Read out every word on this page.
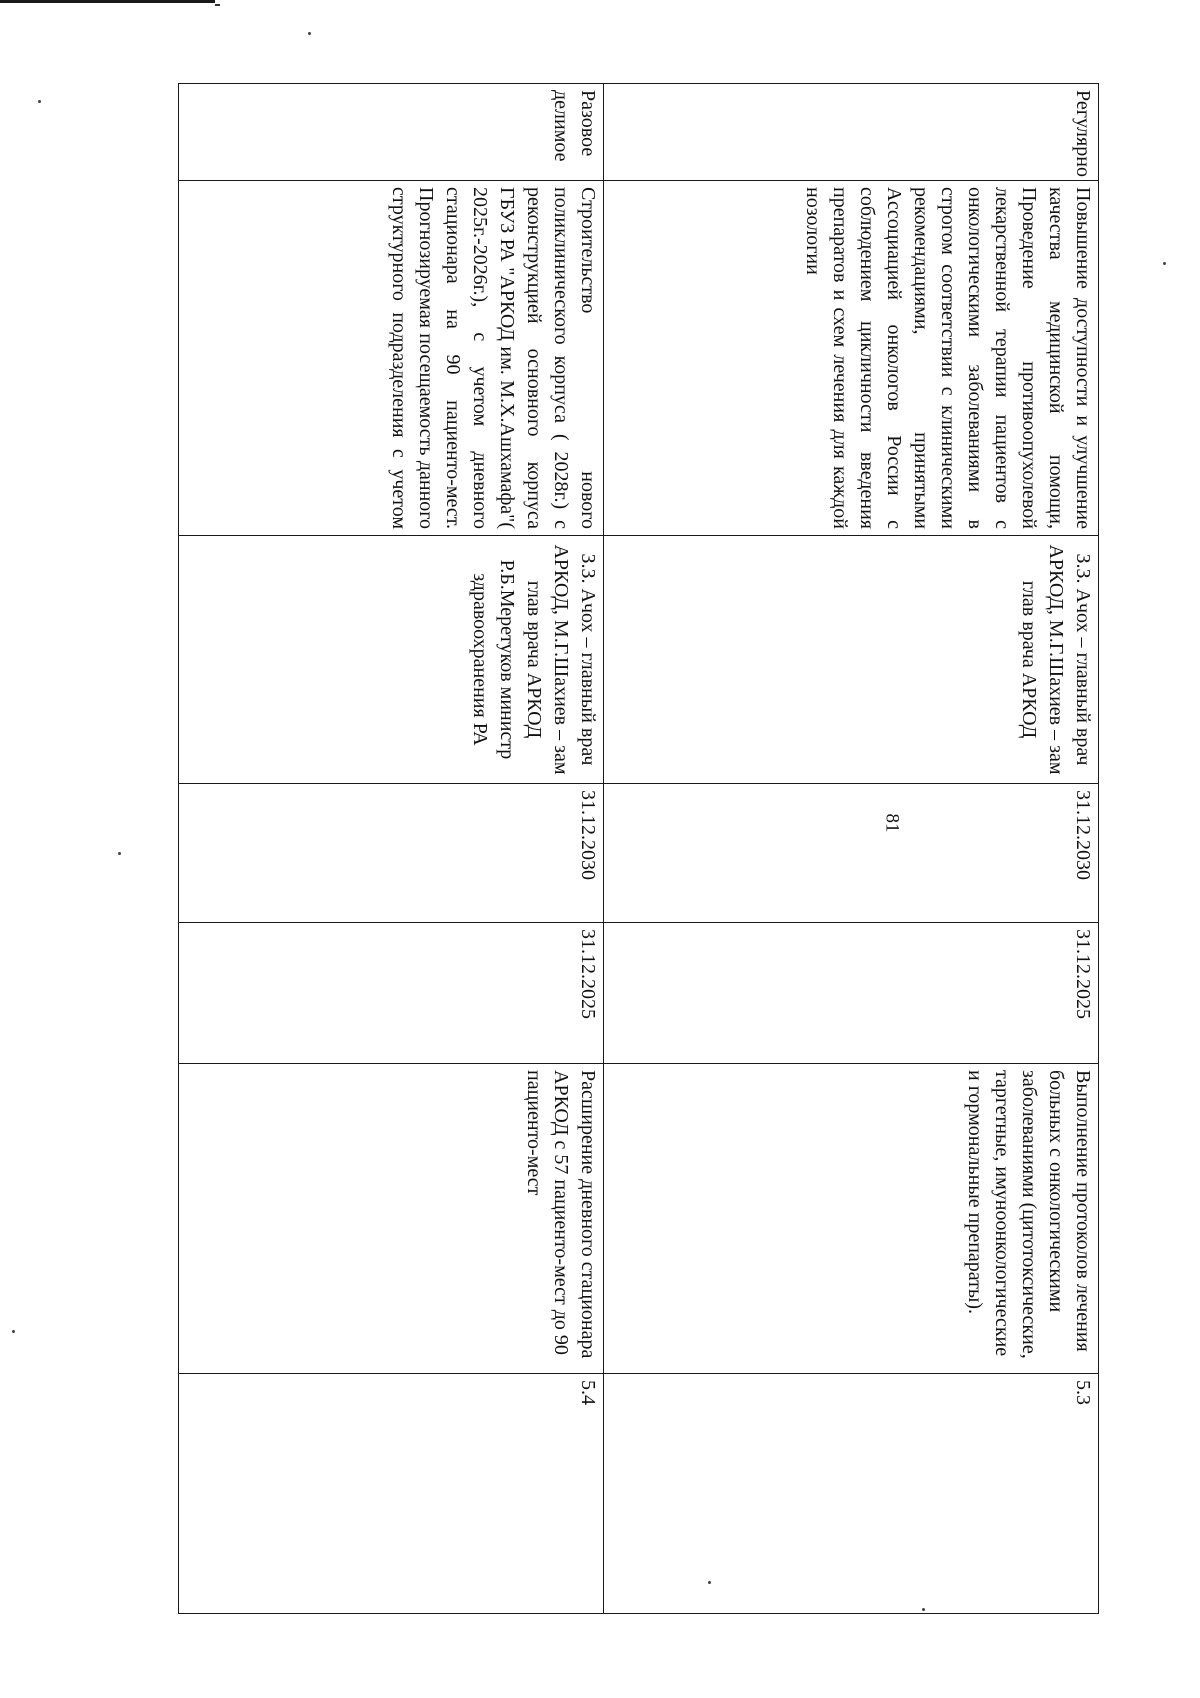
Регулярно	Повышение доступности и улучшение качества медицинской помощи, Проведение противоопухолевой лекарственной терапии пациентов с онкологическими заболеваниями в строгом соответствии с клиническими рекомендациями, принятыми Ассоциацией онкологов России с соблюдением цикличности введения препаратов и схем лечения для каждой нозологии	З.З. Ачох – главный врач АРКОД, М.Г.Шахиев – зам глав врача АРКОД	31.12.2030	31.12.2025	Выполнение протоколов лечения больных с онкологическими заболеваниями (цитотоксические, таргетные, имуноонкологические и гормональные препараты).	5.3
Разовое делимое	Строительство нового поликлинического корпуса ( 2028г.) с реконструкцией основного корпуса ГБУЗ РА "АРКОД им. М.Х.Ашхамафа"( 2025г.-2026г.), с учетом дневного стационара на 90 пациенто-мест. Прогнозируемая посещаемость данного структурного подразделения с учетом	З.З. Ачох – главный врач АРКОД, М.Г.Шахиев – зам глав врача АРКОД Р.Б.Меретуков министр здравоохранения РА	31.12.2030	31.12.2025	Расширение дневного стационара АРКОД с 57 пациенто-мест до 90 пациенто-мест	5.4
81
